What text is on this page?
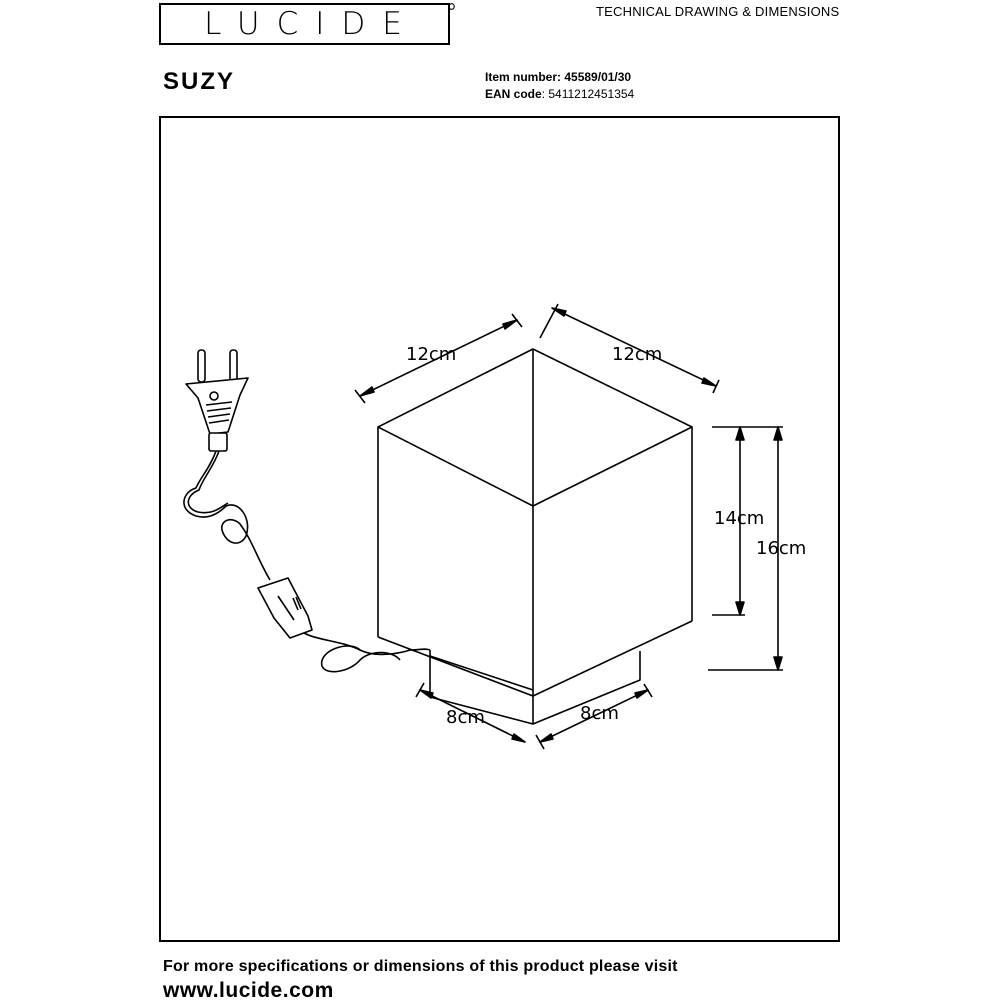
LUCIDE	TECHNICAL DRAWING & DIMENSIONS
SUZY	Item number: 45589/01/30
EAN code: 5411212451354
12cm	12cm
14cm
16cm
8cm	8cm
For more specifications or dimensions of this product please visit
www.lucide.com
